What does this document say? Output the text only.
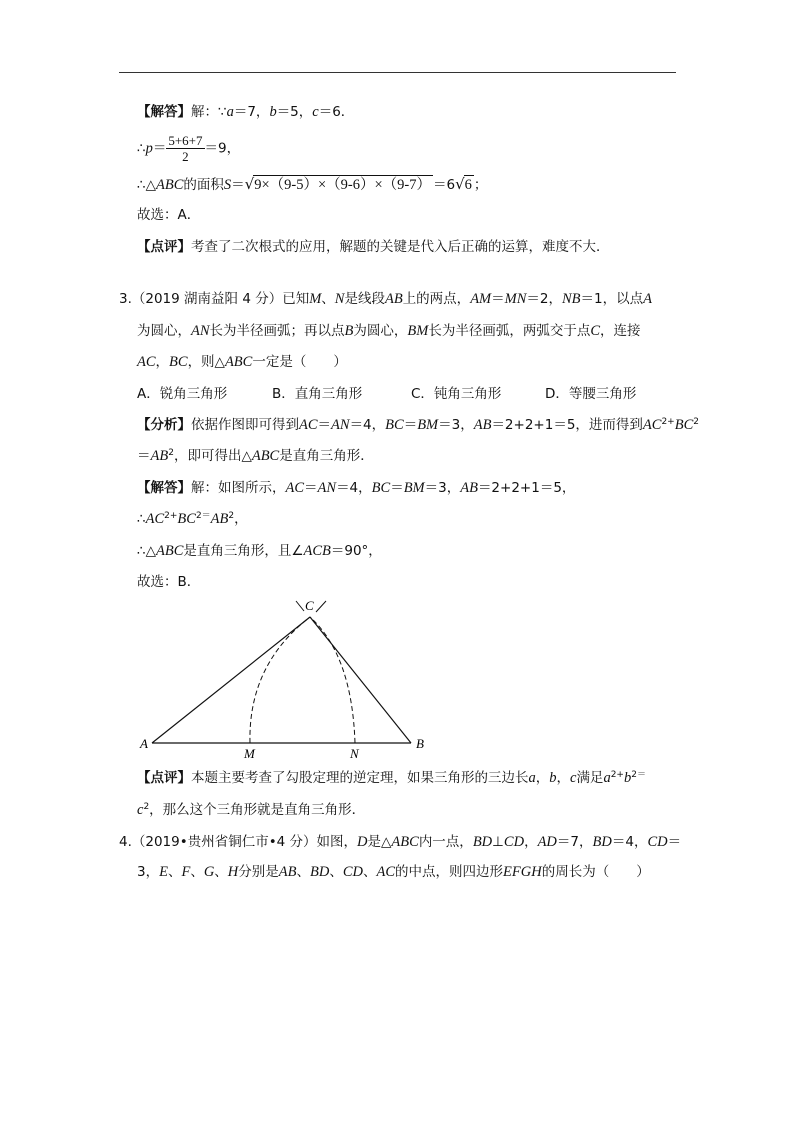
【解答】解：∵a＝7，b＝5，c＝6．
∴p＝ $\frac{5+6+7}{2} =9$，
∴△ABC的面积S＝√9×（9-5）×（9-6）×（9-7） ＝6√6 ；
故选：A．
【点评】考查了二次根式的应用，解题的关键是代入后正确的运算，难度不大．
3.（2019 湖南益阳 4 分）已知M、N是线段AB上的两点，AM＝MN＝2，NB＝1，以点A
为圆心，AN长为半径画弧；再以点B为圆心，BM长为半径画弧，两弧交于点C，连接
AC，BC，则△ABC一定是（　　）
A．锐角三角形	B．直角三角形	C．钝角三角形	D．等腰三角形
【分析】依据作图即可得到AC＝AN＝4，BC＝BM＝3，AB＝2+2+1＝5，进而得到$AC^{2+}BC^2$
$=AB^2$，即可得出△ABC是直角三角形．
【解答】解：如图所示，AC＝AN＝4，BC＝BM＝3，AB＝2+2+1＝5，
$\therefore AC^{2+}BC^{2=}AB^2$，
∴△ABC是直角三角形，且∠ACB＝90°，
故选：B．
C
A	B
M	N
【点评】本题主要考查了勾股定理的逆定理，如果三角形的三边长a，b，c满足$a^{2+}b^{2=}$
$c^2$，那么这个三角形就是直角三角形．
4.（2019•贵州省铜仁市•4 分）如图，D是△ABC内一点，BD⊥CD，AD＝7，BD＝4，CD＝
3，E、F、G、H分别是AB、BD、CD、AC的中点，则四边形EFGH的周长为（　　）
